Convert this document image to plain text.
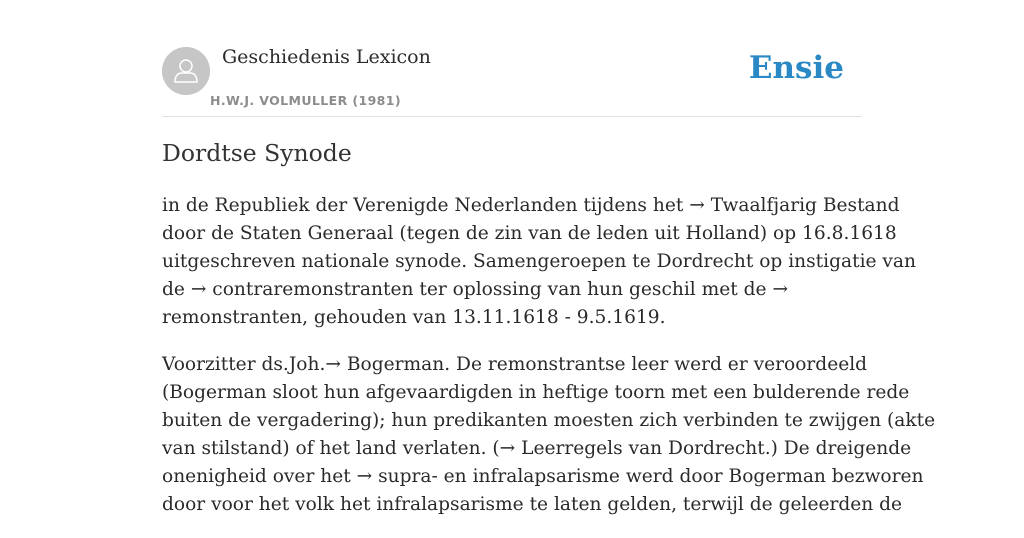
Geschiedenis Lexicon
H.W.J. VOLMULLER (1981)
Ensie
Dordtse Synode

in de Republiek der Verenigde Nederlanden tijdens het → Twaalfjarig Bestand
door de Staten Generaal (tegen de zin van de leden uit Holland) op 16.8.1618
uitgeschreven nationale synode. Samengeroepen te Dordrecht op instigatie van
de → contraremonstranten ter oplossing van hun geschil met de →
remonstranten, gehouden van 13.11.1618 - 9.5.1619.

Voorzitter ds.Joh.→ Bogerman. De remonstrantse leer werd er veroordeeld
(Bogerman sloot hun afgevaardigden in heftige toorn met een bulderende rede
buiten de vergadering); hun predikanten moesten zich verbinden te zwijgen (akte
van stilstand) of het land verlaten. (→ Leerregels van Dordrecht.) De dreigende
onenigheid over het → supra- en infralapsarisme werd door Bogerman bezworen
door voor het volk het infralapsarisme te laten gelden, terwijl de geleerden de
